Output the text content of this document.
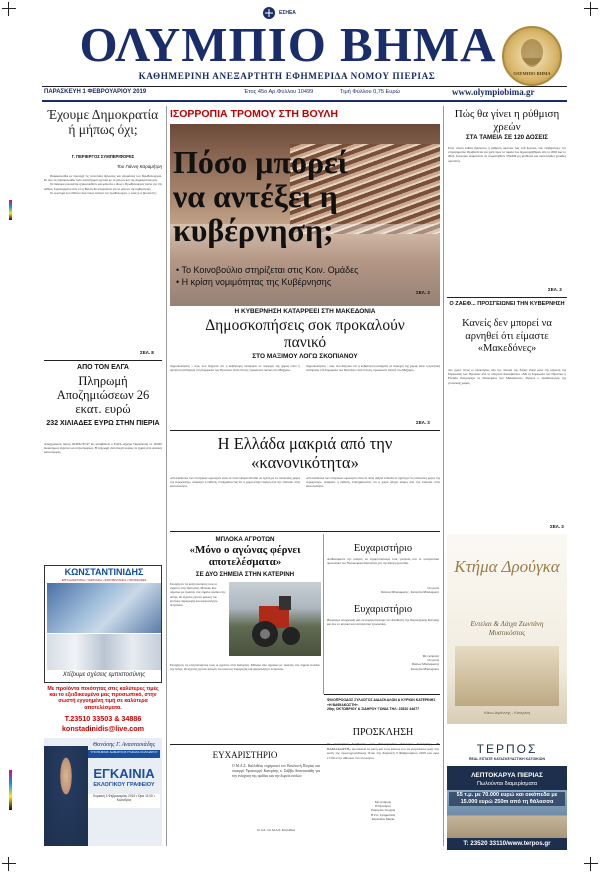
ΕΣΗΕΑ
ΟΛΥΜΠΙΟ ΒΗΜΑ
ΚΑΘΗΜΕΡΙΝΗ ΑΝΕΞΑΡΤΗΤΗ ΕΦΗΜΕΡΙΔΑ ΝΟΜΟΥ ΠΙΕΡΙΑΣ	ΟΛΥΜΠΙΟ ΒΗΜΑ
ΠΑΡΑΣΚΕΥΗ 1 ΦΕΒΡΟΥΑΡΙΟΥ 2019	Έτος 45ο Αρ.Φύλλου 10499	Τιμή Φύλλου 0,75 Ευρώ	www.olympiobima.gr
Έχουμε Δημοκρατία ή μήπως όχι;
Γ. ΠΕΡΙΕΡΓΟΣ ΣΥΜΠΕΡΙΦΟΡΕΣ
Του Γιάννη Καραμήτρη
Παρακολουθώ με προσοχή τις τελευταίες δηλώσεις και αποφάσεις του Πρωθυπουργού. Κι όσο τις παρακολουθώ τόσο απελπίζομαι σχετικά με το μέλλον και της Δημοκρατίας μας.
Τα διάφορα ρουσφέτια εξακολουθούν και μάλιστα ο ίδιος ο Πρωθυπουργός έφυγε για την Αθήνα. Συγκεκριμένα είπε ότι η Βουλή θα αποφασίσει για το μέλλον της κυβέρνησης.
Το ερώτημα που τίθεται είναι ποιος εκλέγει τον πρωθυπουργό, ο λαός ή οι βουλευτές;
ΣΕΛ. 8
ΑΠΟ ΤΟΝ ΕΛΓΑ
Πληρωμή Αποζημιώσεων 26 εκατ. ευρώ
232 ΧΙΛΙΑΔΕΣ ΕΥΡΩ ΣΤΗΝ ΠΙΕΡΙΑ
Αποζημιώσεις ύψους 26.006.767,67 δις καταβάλλει ο ΕΛΓΑ σήμερα Παρασκευή σε 18.665 δικαιούχους αγρότες και κτηνοτρόφους. Η πληρωμή αντιστοιχεί κυρίως σε ζημιές από φυσικές καταστροφές.
ΚΩΝΣΤΑΝΤΙΝΙΔΗΣ
ΕΡΓΑ ΗΛΕΚΤΡΙΚΑ • ΥΔΡΑΥΛΙΚΑ • ΦΩΤΟΒΟΛΤΑΪΚΑ • ΠΡΟΣΦΟΡΕΣ
Χτίζουμε σχέσεις εμπιστοσύνης
Με προϊόντα ποιότητας στις καλύτερες τιμές και το εξειδικευμένο μας προσωπικό, στην σωστή εγγυημένη τιμή σε καλύτερα αποτελέσματα.
Τ.23510 33503 & 34886
konstadinidis@live.com
Θανάσης Γ. Αναστασιάδης
ΥΠΟΨΗΦΙΟΣ ΔΗΜΑΡΧΟΣ ΠΥΔΝΑΣ-ΚΟΛΙΝΔΡΟΥ
ΕΓΚΑΙΝΙΑ
ΕΚΛΟΓΙΚΟΥ ΓΡΑΦΕΙΟΥ
Κυριακή 3 Φεβρουαρίου 2019 • Ώρα 11:00 • Κολινδρός
ΙΣΟΡΡΟΠΙΑ ΤΡΟΜΟΥ ΣΤΗ ΒΟΥΛΗ
Πόσο μπορεί να αντέξει η κυβέρνηση;
• Το Κοινοβούλιο στηρίζεται στις Κοιν. Ομάδες
• Η κρίση νομιμότητας της Κυβέρνησης
ΣΕΛ. 3
Η ΚΥΒΕΡΝΗΣΗ ΚΑΤΑΡΡΕΕΙ ΣΤΗ ΜΑΚΕΔΟΝΙΑ
Δημοσκοπήσεις σοκ προκαλούν πανικό
ΣΤΟ ΜΑΞΙΜΟΥ ΛΟΓΩ ΣΚΟΠΙΑΝΟΥ
Δημοσκοπήσεις – σοκ, που δείχνουν ότι η κυβέρνηση καταρρέει σε περιοχές της χώρας όπου η αρνητική αντίδραση στη Συμφωνία των Πρεσπών είναι έντονη, προκαλούν πανικό στο Μαξίμου.
Δημοσκοπήσεις – σοκ, που δείχνουν ότι η κυβέρνηση καταρρέει σε περιοχές της χώρας όπου η αρνητική αντίδραση στη Συμφωνία των Πρεσπών είναι έντονη, προκαλούν πανικό στο Μαξίμου.
ΣΕΛ. 3
Η Ελλάδα μακριά από την «κανονικότητα»
«Οι αποδόσεις των ελληνικών ομολόγων είναι σε πολύ υψηλά επίπεδα σε σχέση με τις υπόλοιπες χώρες της ευρωζώνης», αναφέρει η έκθεση, επισημαίνοντας ότι η χώρα απέχει ακόμη από την επάνοδο στην κανονικότητα.
«Οι αποδόσεις των ελληνικών ομολόγων είναι σε πολύ υψηλά επίπεδα σε σχέση με τις υπόλοιπες χώρες της ευρωζώνης», αναφέρει η έκθεση, επισημαίνοντας ότι η χώρα απέχει ακόμη από την επάνοδο στην κανονικότητα.
ΜΠΛΟΚΑ ΑΓΡΟΤΩΝ
«Μόνο ο αγώνας φέρνει αποτελέσματα»
ΣΕ ΔΥΟ ΣΗΜΕΙΑ ΣΤΗΝ ΚΑΤΕΡΙΝΗ
Συνεχίζουν τις κινητοποιήσεις τους οι αγρότες στην Κατερίνη. Μπλόκο δύο σημείων με τρακτέρ στα σημεία εισόδου της πόλης. Οι αγρότες ζητούν μείωση του κόστους παραγωγής και αφορολόγητο πετρέλαιο.
Συνεχίζουν τις κινητοποιήσεις τους οι αγρότες στην Κατερίνη. Μπλόκο δύο σημείων με τρακτέρ στα σημεία εισόδου της πόλης. Οι αγρότες ζητούν μείωση του κόστους παραγωγής και αφορολόγητο πετρέλαιο.
Ευχαριστήριο
Αισθανόμαστε την ανάγκη να ευχαριστήσουμε τους γιατρούς και το νοσηλευτικό προσωπικό του Νοσοκομείου Κατερίνης για την άψογη φροντίδα.
Οι γονείς
Παύλος Μπαλαμώτης - Κατερίνα Μπαλαμώτη
Ευχαριστήριο
Θεωρούμε υποχρέωσή μας να ευχαριστήσουμε τον Διευθυντή της Χειρουργικής Κλινικής και όλο το ιατρικό και νοσηλευτικό προσωπικό.
Με εκτίμηση
Οι γονείς
Παύλος Μπαλαμώτης
Κατερίνα Μπαλαμώτη
ΦΙΛΟΠΡΟΟΔΟΣ ΣΥΛΛΟΓΟΣ ΔΙΔΑΣΚΑΛΩΝ & ΚΥΡΙΩΝ ΚΑΤΕΡΙΝΗΣ «Η ΒΑΦΙΑΚΩΣΤΗ»
28ης ΟΚΤΩΒΡΙΟΥ & ΣΙΔΗΡΟΥ ΓΩΝΙΑ ΤΗΛ: 23510 34677
ΠΡΟΣΚΛΗΣΗ
ΕΥΧΑΡΙΣΤΗΡΙΟ
Ο Μ.Α.Σ. Καλλιθέας ευχαριστεί τον Βουλευτή Πιερίας και υπουργό Υφυπουργό Κατερίνης κ. Σάββα Αναστασιάδη για την ενίσχυση της ομάδας και την δωρεά στολών.
Το Δ.Σ. του Μ.Α.Σ. Καλλιθέας
Το Διοικητικό Συμβούλιο του Φιλοπρόοδου Συλλόγου Κατερίνης «Η ΒΑΦΙΑΚΩΣΤΗ» προσκαλεί τα μέλη και τους φίλους του να γιορτάσουν μαζί την κοπή της πρωτοχρονιάτικης πίτας την Κυριακή 3 Φεβρουαρίου 2019 και ώρα 17.00 στην αίθουσα του συλλόγου.
Με εκτίμηση
Η Πρόεδρος
Ζαφειρίου Γεωργία
Η Γεν. Γραμματέας
Σαρανίδου Μαρία
Πώς θα γίνει η ρύθμιση χρεών
ΣΤΑ ΤΑΜΕΙΑ ΣΕ 120 ΔΟΣΕΙΣ
Στην τελική ευθεία βρίσκεται η ρύθμιση οφειλών έως 120 δόσεων, που επιβαρύνουν τον επιχειρηματία. Προβλέπεται για χρέη προς τα ταμεία που δημιουργήθηκαν από το 2002 έως το 2016. Συνολικά αναμένεται να επωφεληθούν 559.000 μη μισθωτοί και εκατοντάδες χιλιάδες οφειλέτες.
ΣΕΛ. 3
Ο ΖΑΕΦ... ΠΡΟΣΓΕΙΩΝΕΙ ΤΗΝ ΚΥΒΕΡΝΗΣΗ
Κανείς δεν μπορεί να αρνηθεί ότι είμαστε «Μακεδόνες»
Δεν έχουν τέλος οι προκλήσεις από την πλευρά του Ζόραν Ζάεφ μετά την κύρωση της Συμφωνίας των Πρεσπών από το ελληνικό Κοινοβούλιο. «Με τη Συμφωνία των Πρεσπών η Ελλάδα αναγνωρίζει τα δικαιώματα των Μακεδόνων», δήλωσε ο πρωθυπουργός της γειτονικής χώρας.
ΣΕΛ. 3
Κτήμα Δρούγκα
Εντελαι & Λάιχα Ζωντάνη Μυστικόστας
Κάτω Αγιάννης - Κατερίνη
ΤΕΡΠΟΣ
REAL ESTATE ΚΑΤΑΣΚΕΥΑΣΤΙΚΗ ΚΑΤΟΙΚΙΩΝ
ΛΕΠΤΟΚΑΡΥΑ ΠΙΕΡΙΑΣ
Πωλούνται διαμερίσματα
55 τ.μ. με 70.000 ευρώ και οικόπεδα με 15.000 ευρώ 250m από τη θάλασσα
Τ: 23520 33110/www.terpos.gr
